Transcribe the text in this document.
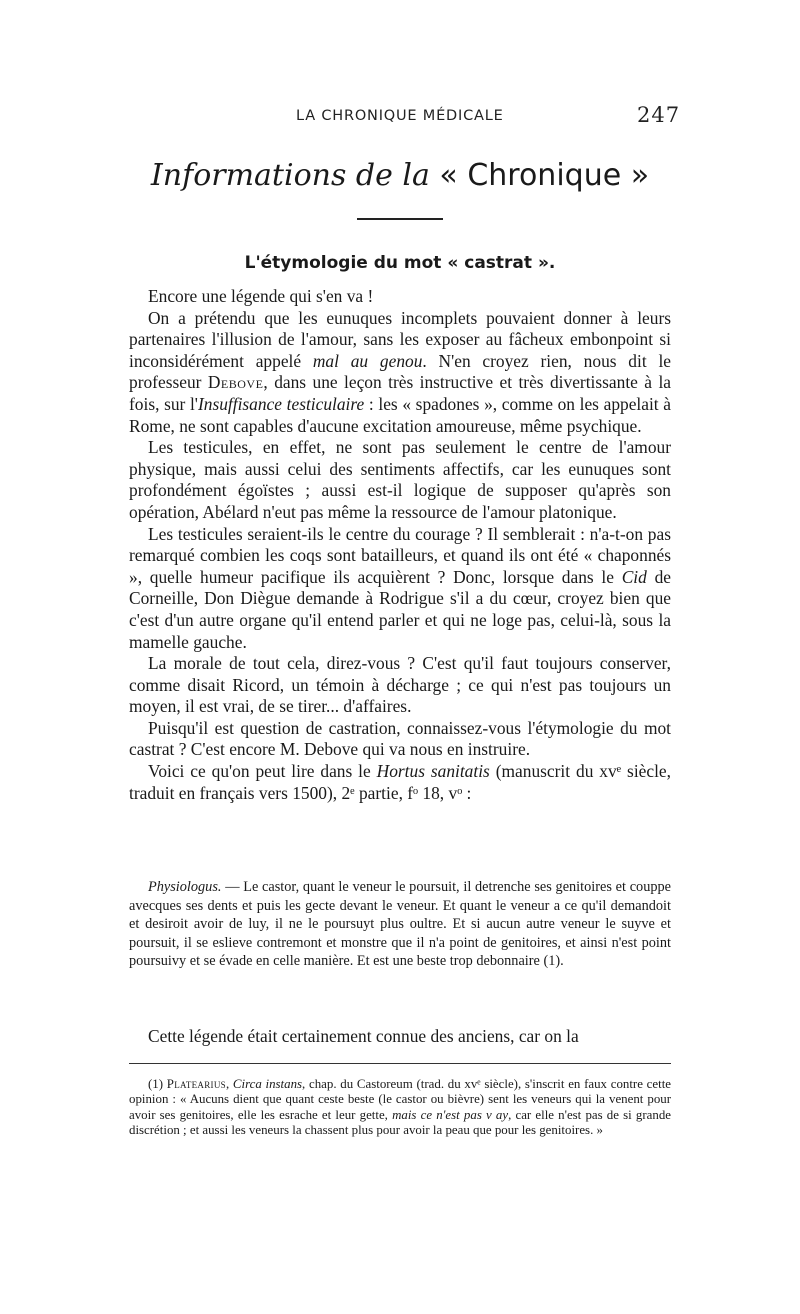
LA CHRONIQUE MÉDICALE	247
Informations de la « Chronique »
L'étymologie du mot « castrat ».

Encore une légende qui s'en va !

On a prétendu que les eunuques incomplets pouvaient donner à leurs partenaires l'illusion de l'amour, sans les exposer au fâcheux embonpoint si inconsidérément appelé mal au genou. N'en croyez rien, nous dit le professeur Debove, dans une leçon très instructive et très divertissante à la fois, sur l'Insuffisance testiculaire : les « spadones », comme on les appelait à Rome, ne sont capables d'aucune excitation amoureuse, même psychique.

Les testicules, en effet, ne sont pas seulement le centre de l'amour physique, mais aussi celui des sentiments affectifs, car les eunuques sont profondément égoïstes ; aussi est-il logique de supposer qu'après son opération, Abélard n'eut pas même la ressource de l'amour platonique.

Les testicules seraient-ils le centre du courage ? Il semblerait : n'a-t-on pas remarqué combien les coqs sont batailleurs, et quand ils ont été « chaponnés », quelle humeur pacifique ils acquièrent ? Donc, lorsque dans le Cid de Corneille, Don Diègue demande à Rodrigue s'il a du cœur, croyez bien que c'est d'un autre organe qu'il entend parler et qui ne loge pas, celui-là, sous la mamelle gauche.

La morale de tout cela, direz-vous ? C'est qu'il faut toujours conserver, comme disait Ricord, un témoin à décharge ; ce qui n'est pas toujours un moyen, il est vrai, de se tirer... d'affaires.

Puisqu'il est question de castration, connaissez-vous l'étymologie du mot castrat ? C'est encore M. Debove qui va nous en instruire.

Voici ce qu'on peut lire dans le Hortus sanitatis (manuscrit du xvᵉ siècle, traduit en français vers 1500), 2ᵉ partie, fᵒ 18, vᵒ :

Physiologus. — Le castor, quant le veneur le poursuit, il detrenche ses genitoires et couppe avecques ses dents et puis les gecte devant le veneur. Et quant le veneur a ce qu'il demandoit et desiroit avoir de luy, il ne le poursuyt plus oultre. Et si aucun autre veneur le suyve et poursuit, il se eslieve contremont et monstre que il n'a point de genitoires, et ainsi n'est point poursuivy et se évade en celle manière. Et est une beste trop debonnaire (1).

Cette légende était certainement connue des anciens, car on la

(1) Platearius, Circa instans, chap. du Castoreum (trad. du xvᵉ siècle), s'inscrit en faux contre cette opinion : « Aucuns dient que quant ceste beste (le castor ou bièvre) sent les veneurs qui la venent pour avoir ses genitoires, elle les esrache et leur gette, mais ce n'est pas v ay, car elle n'est pas de si grande discrétion ; et aussi les veneurs la chassent plus pour avoir la peau que pour les genitoires. »
